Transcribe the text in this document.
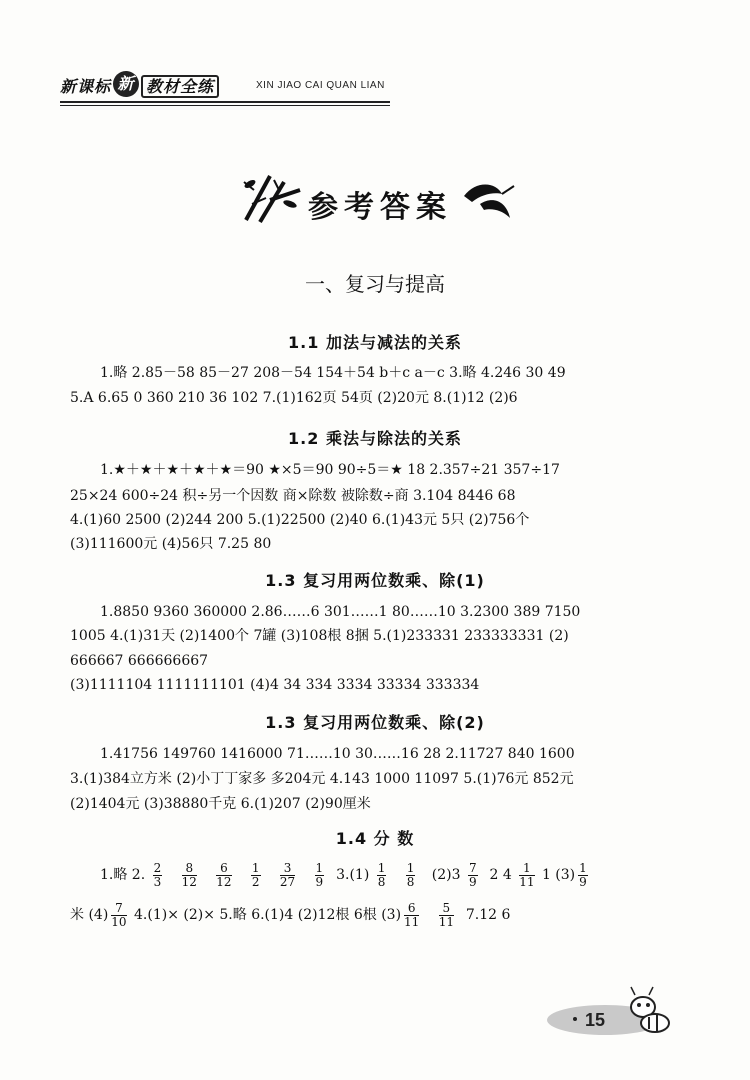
新课标 新 教材全练	XIN JIAO CAI QUAN LIAN
参考答案
一、复习与提高
1.1 加法与减法的关系
1.略 2.85－58 85－27 208－54 154＋54 b＋c a－c 3.略 4.246 30 49
5.A 6.65 0 360 210 36 102 7.(1)162页 54页 (2)20元 8.(1)12 (2)6
1.2 乘法与除法的关系
1.★＋★＋★＋★＋★＝90 ★×5＝90 90÷5＝★ 18 2.357÷21 357÷17
25×24 600÷24 积÷另一个因数 商×除数 被除数÷商 3.104 8446 68
4.(1)60 2500 (2)244 200 5.(1)22500 (2)40 6.(1)43元 5只 (2)756个
(3)111600元 (4)56只 7.25 80
1.3 复习用两位数乘、除(1)
1.8850 9360 360000 2.86……6 301……1 80……10 3.2300 389 7150
1005 4.(1)31天 (2)1400个 7罐 (3)108根 8捆 5.(1)233331 233333331 (2)
666667 666666667
(3)1111104 1111111101 (4)4 34 334 3334 33334 333334
1.3 复习用两位数乘、除(2)
1.41756 149760 1416000 71……10 30……16 28 2.11727 840 1600
3.(1)384立方米 (2)小丁丁家多 多204元 4.143 1000 11097 5.(1)76元 852元
(2)1404元 (3)38880千克 6.(1)207 (2)90厘米
1.4 分 数
1.略 2. $\frac{2}{3}$
$\frac{8}{12}$
$\frac{6}{12}$
$\frac{1}{2}$
$\frac{3}{27}$
$\frac{1}{9} 3.(1) \frac{1}{8}$
$\frac{1}{8} (2)3 \frac{7}{9} 2$ $4 \frac{1}{11} 1$ $(3) \frac{1}{9}$
米 $(4) \frac{7}{10} 4.(1)\times (2)\times 5$.略 6.(1)4 (2)12根 6根 $(3) \frac{6}{11}$
$\frac{5}{11} 7.12$ 6
15
